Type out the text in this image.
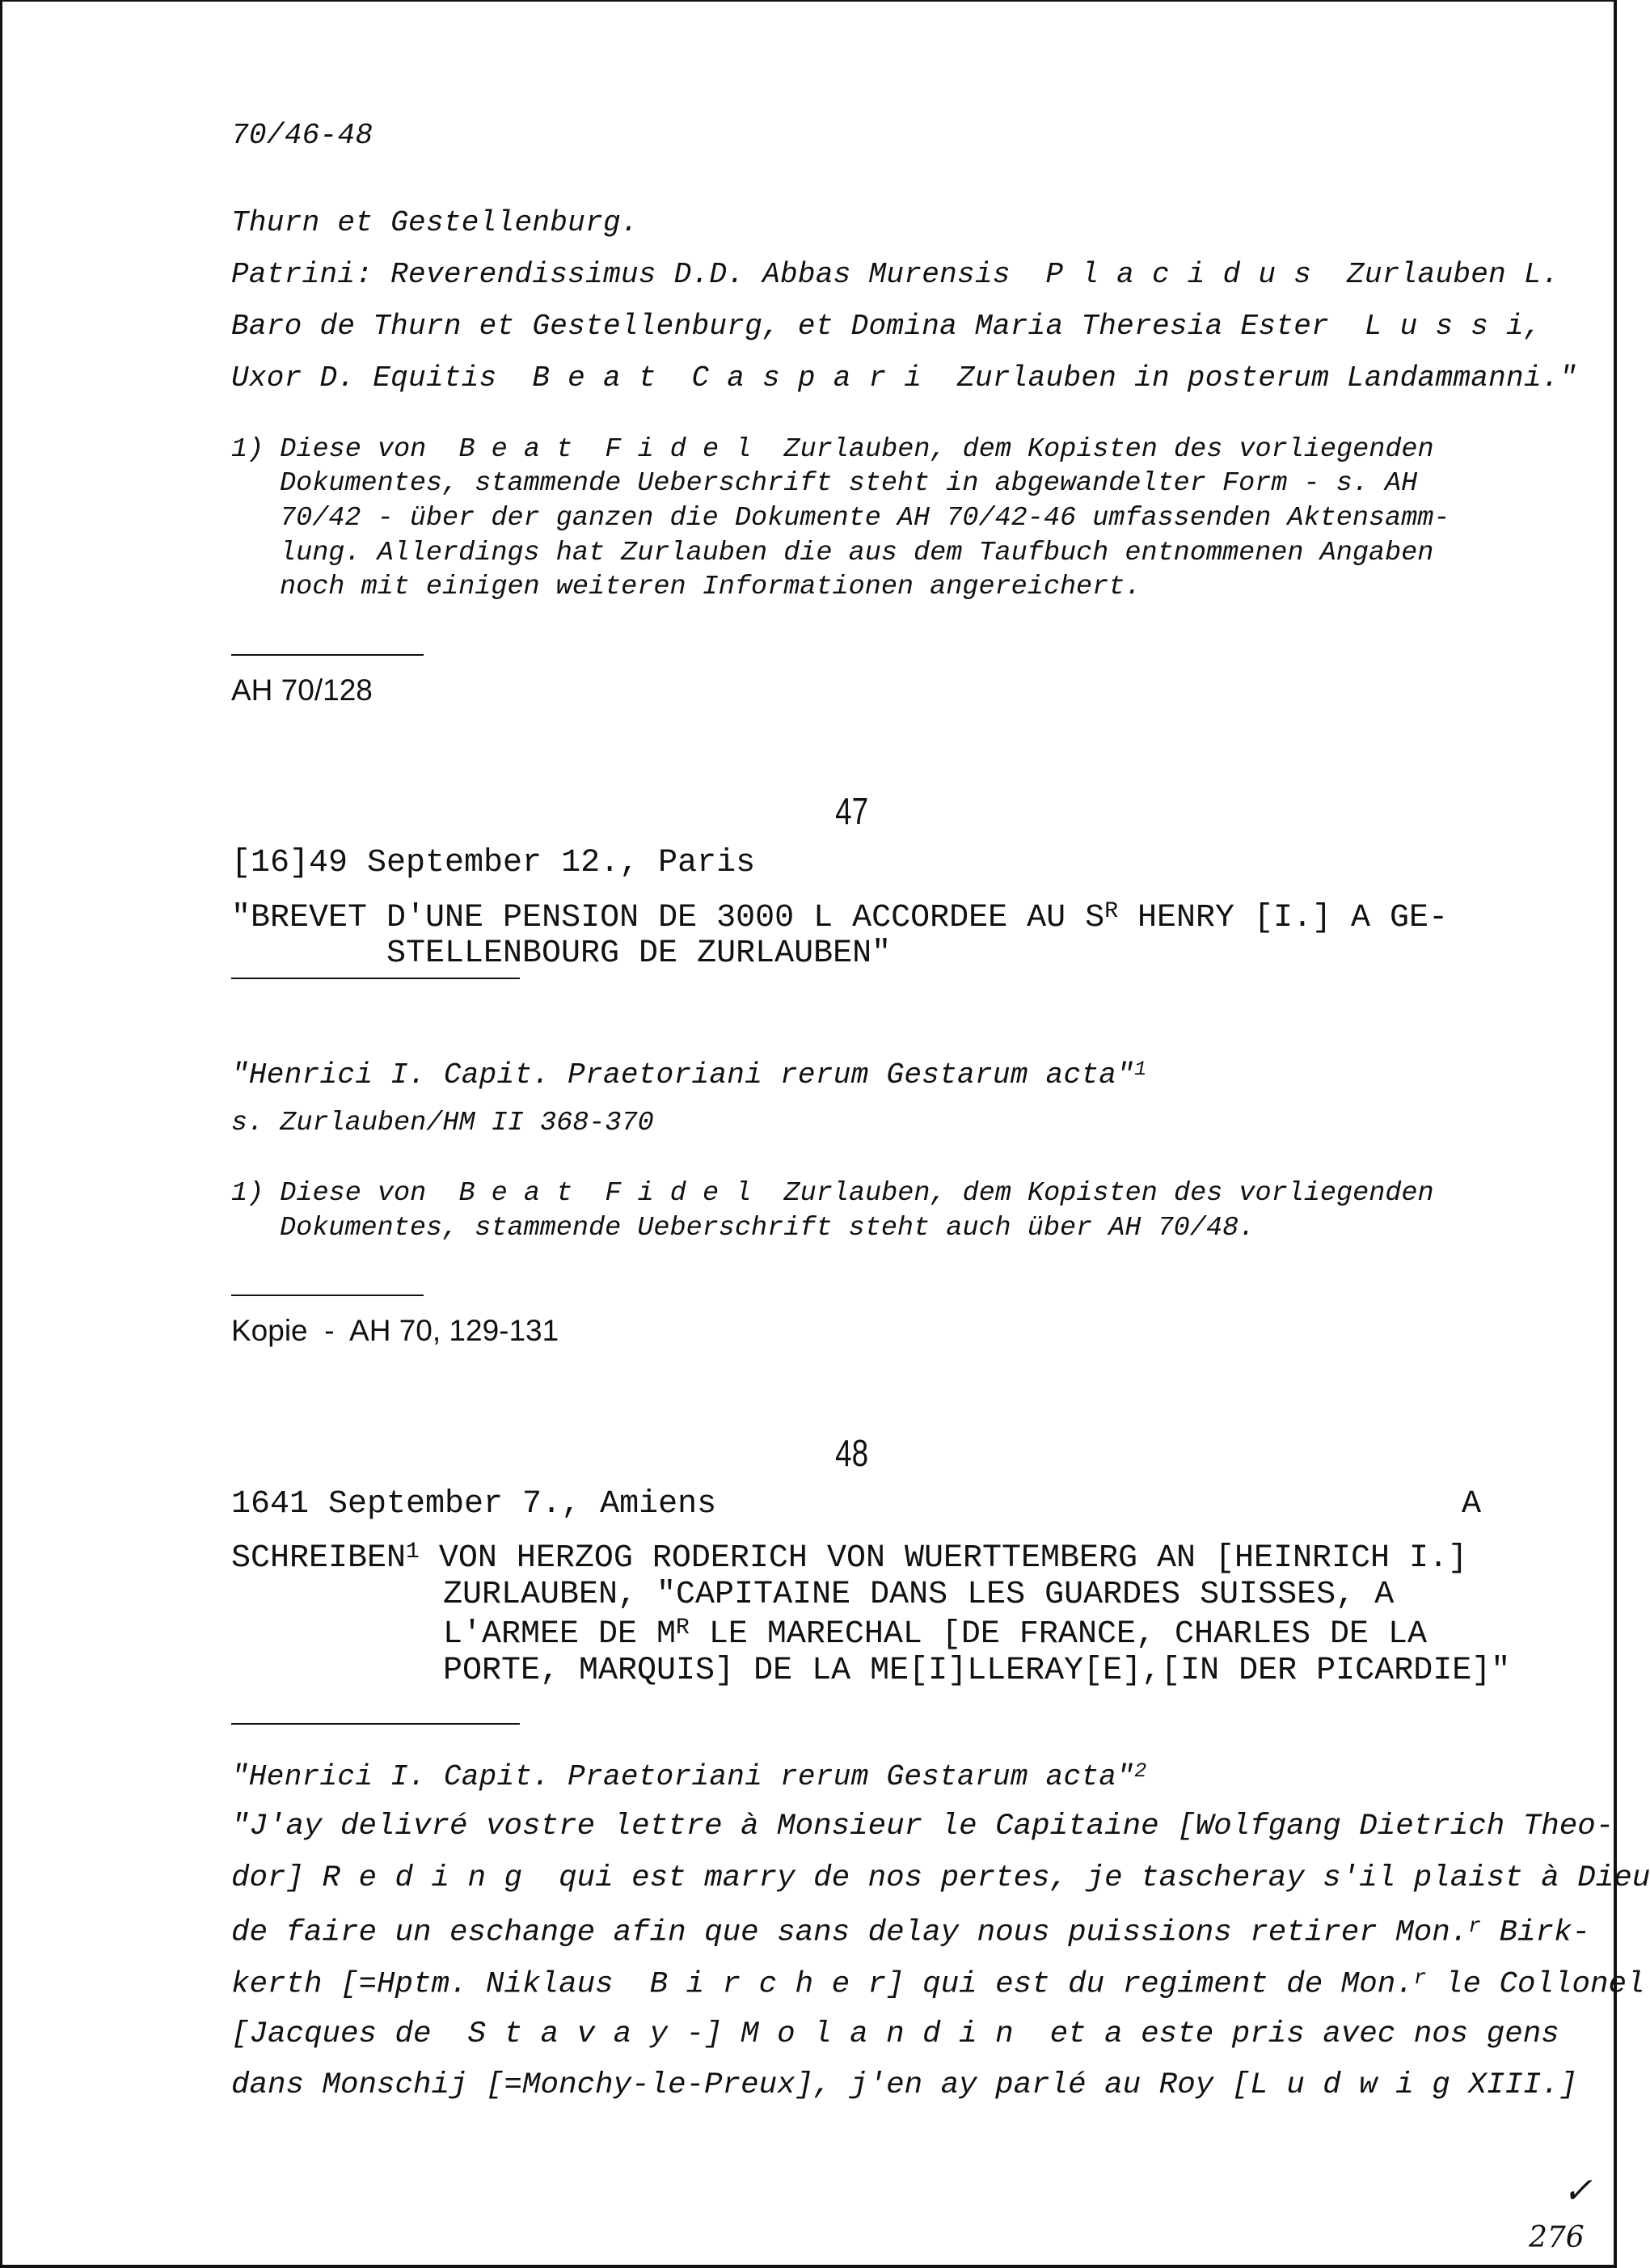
70/46-48
Thurn et Gestellenburg.
Patrini: Reverendissimus D.D. Abbas Murensis  P l a c i d u s  Zurlauben L.
Baro de Thurn et Gestellenburg, et Domina Maria Theresia Ester  L u s s i,
Uxor D. Equitis  B e a t  C a s p a r i  Zurlauben in posterum Landammanni."
1) Diese von  B e a t  F i d e l  Zurlauben, dem Kopisten des vorliegenden
Dokumentes, stammende Ueberschrift steht in abgewandelter Form - s. AH
70/42 - über der ganzen die Dokumente AH 70/42-46 umfassenden Aktensamm-
lung. Allerdings hat Zurlauben die aus dem Taufbuch entnommenen Angaben
noch mit einigen weiteren Informationen angereichert.
AH 70/128
47
[16]49 September 12., Paris
"BREVET D'UNE PENSION DE 3000 L ACCORDEE AU $S^R$ HENRY [I.] A GE-
STELLENBOURG DE ZURLAUBEN"
"Henrici I. Capit. Praetoriani rerum Gestarum acta"$^1$
s. Zurlauben/HM II 368-370
1) Diese von  B e a t  F i d e l  Zurlauben, dem Kopisten des vorliegenden
Dokumentes, stammende Ueberschrift steht auch über AH 70/48.
Kopie  -  AH 70, 129-131
48
1641 September 7., Amiens	A
SCHREIBEN$^1$ VON HERZOG RODERICH VON WUERTTEMBERG AN [HEINRICH I.]
ZURLAUBEN, "CAPITAINE DANS LES GUARDES SUISSES, A
L'ARMEE DE $M^R$ LE MARECHAL [DE FRANCE, CHARLES DE LA
PORTE, MARQUIS] DE LA ME[I]LLERAY[E],[IN DER PICARDIE]"
"Henrici I. Capit. Praetoriani rerum Gestarum acta"$^2$
"J'ay delivré vostre lettre à Monsieur le Capitaine [Wolfgang Dietrich Theo-
dor] R e d i n g  qui est marry de nos pertes, je tascheray s'il plaist à Dieu
de faire un eschange afin que sans delay nous puissions retirer Mon.$^r$ Birk-
kerth [=Hptm. Niklaus  B i r c h e r] qui est du regiment de Mon.$^r$ le Collonel
[Jacques de  S t a v a y -] M o l a n d i n  et a este pris avec nos gens
dans Monschij [=Monchy-le-Preux], j'en ay parlé au Roy [L u d w i g XIII.]
✓
276
